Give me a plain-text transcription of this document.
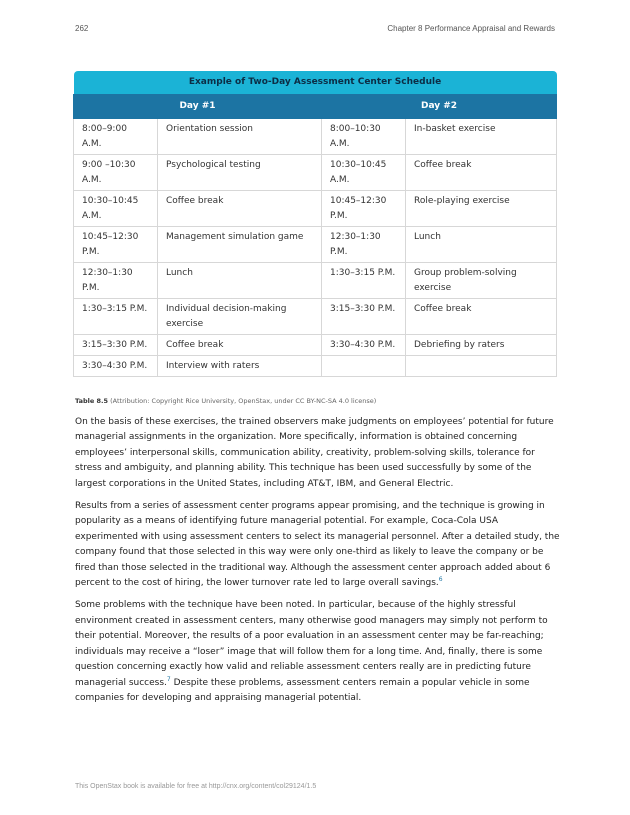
262	Chapter 8 Performance Appraisal and Rewards
Example of Two-Day Assessment Center Schedule			
Day #1		Day #2	
8:00–9:00 A.M.	Orientation session	8:00–10:30 A.M.	In-basket exercise
9:00 –10:30 A.M.	Psychological testing	10:30–10:45 A.M.	Coffee break
10:30–10:45 A.M.	Coffee break	10:45–12:30 P.M.	Role-playing exercise
10:45–12:30 P.M.	Management simulation game	12:30–1:30 P.M.	Lunch
12:30–1:30 P.M.	Lunch	1:30–3:15 P.M.	Group problem-solving exercise
1:30–3:15 P.M.	Individual decision-making exercise	3:15–3:30 P.M.	Coffee break
3:15–3:30 P.M.	Coffee break	3:30–4:30 P.M.	Debriefing by raters
3:30–4:30 P.M.	Interview with raters		
Table 8.5 (Attribution: Copyright Rice University, OpenStax, under CC BY-NC-SA 4.0 license)

On the basis of these exercises, the trained observers make judgments on employees’ potential for future managerial assignments in the organization. More specifically, information is obtained concerning employees’ interpersonal skills, communication ability, creativity, problem-solving skills, tolerance for stress and ambiguity, and planning ability. This technique has been used successfully by some of the largest corporations in the United States, including AT&T, IBM, and General Electric.

Results from a series of assessment center programs appear promising, and the technique is growing in popularity as a means of identifying future managerial potential. For example, Coca-Cola USA experimented with using assessment centers to select its managerial personnel. After a detailed study, the company found that those selected in this way were only one-third as likely to leave the company or be fired than those selected in the traditional way. Although the assessment center approach added about 6 percent to the cost of hiring, the lower turnover rate led to large overall savings.$^6$

Some problems with the technique have been noted. In particular, because of the highly stressful environment created in assessment centers, many otherwise good managers may simply not perform to their potential. Moreover, the results of a poor evaluation in an assessment center may be far-reaching; individuals may receive a “loser” image that will follow them for a long time. And, finally, there is some question concerning exactly how valid and reliable assessment centers really are in predicting future managerial success.$^7$ Despite these problems, assessment centers remain a popular vehicle in some companies for developing and appraising managerial potential.

This OpenStax book is available for free at http://cnx.org/content/col29124/1.5
